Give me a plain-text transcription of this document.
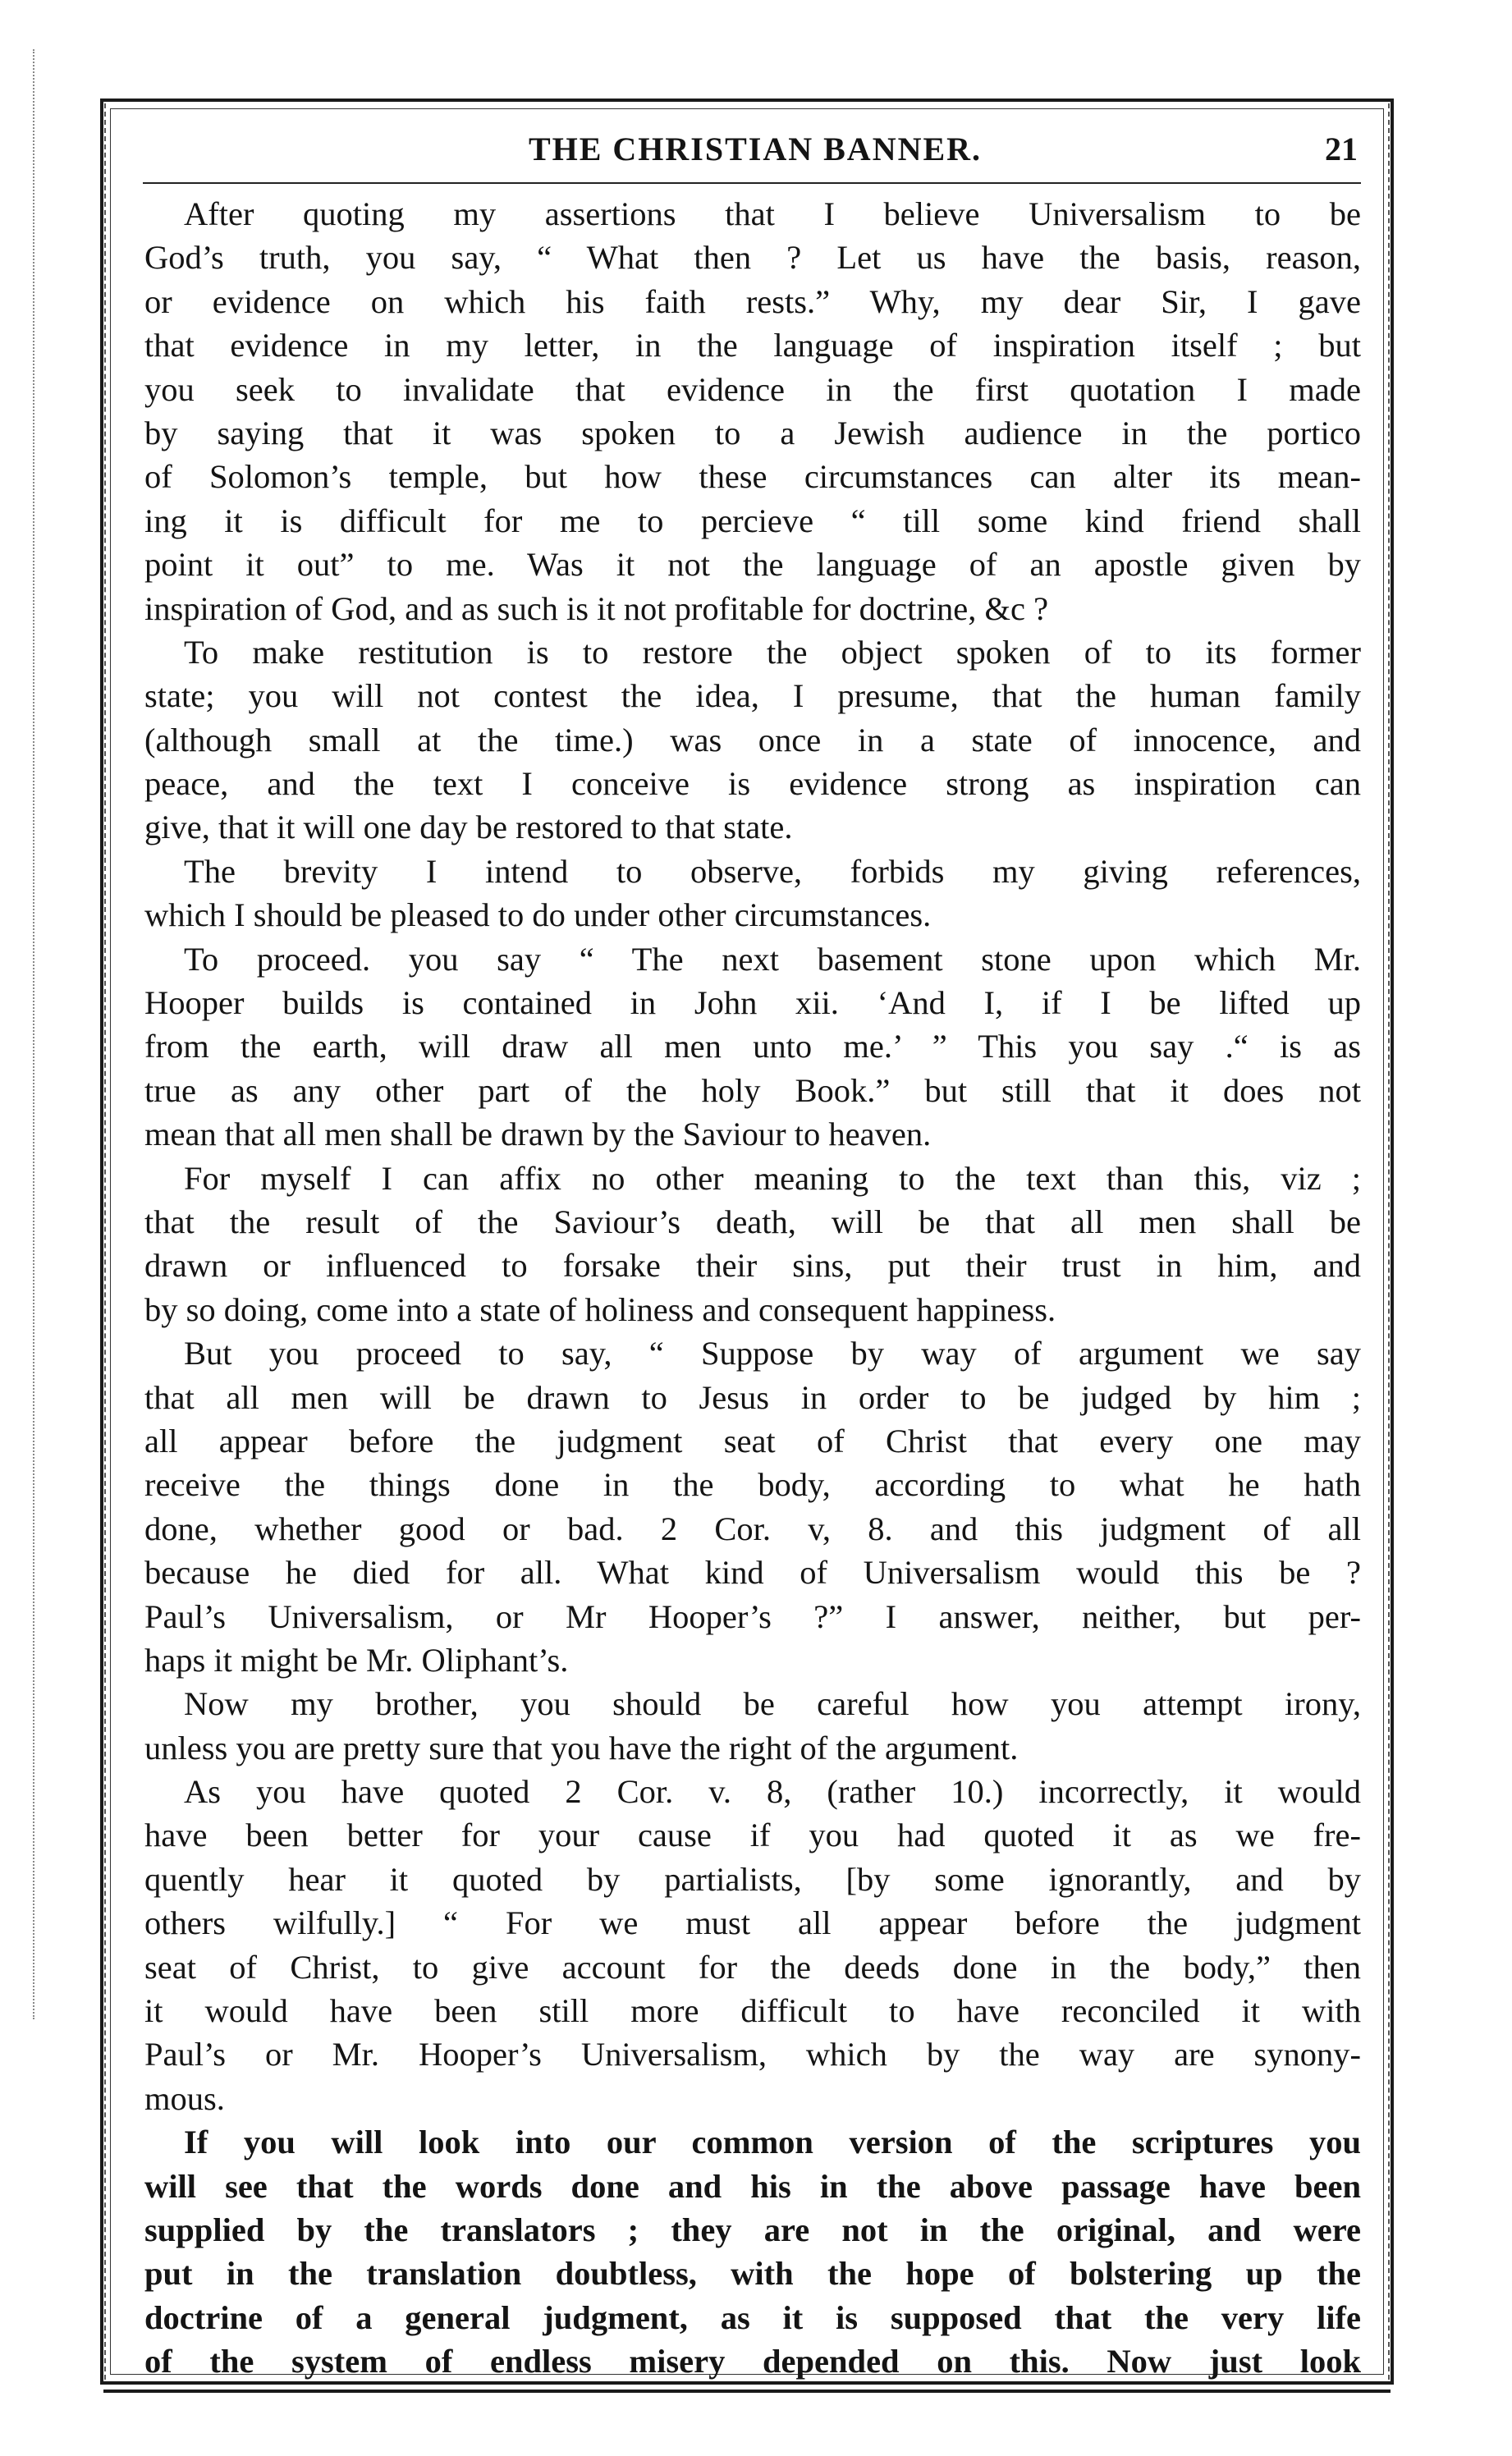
THE CHRISTIAN BANNER.	21
After quoting my assertions that I believe Universalism to be
God’s truth, you say, “ What then ? Let us have the basis, reason,
or evidence on which his faith rests.” Why, my dear Sir, I gave
that evidence in my letter, in the language of inspiration itself ; but
you seek to invalidate that evidence in the first quotation I made
by saying that it was spoken to a Jewish audience in the portico
of Solomon’s temple, but how these circumstances can alter its mean-
ing it is difficult for me to percieve “ till some kind friend shall
point it out” to me. Was it not the language of an apostle given by
inspiration of God, and as such is it not profitable for doctrine, &c ?
To make restitution is to restore the object spoken of to its former
state; you will not contest the idea, I presume, that the human family
(although small at the time.) was once in a state of innocence, and
peace, and the text I conceive is evidence strong as inspiration can
give, that it will one day be restored to that state.
The brevity I intend to observe, forbids my giving references,
which I should be pleased to do under other circumstances.
To proceed. you say “ The next basement stone upon which Mr.
Hooper builds is contained in John xii. ‘And I, if I be lifted up
from the earth, will draw all men unto me.’ ” This you say .“ is as
true as any other part of the holy Book.” but still that it does not
mean that all men shall be drawn by the Saviour to heaven.
For myself I can affix no other meaning to the text than this, viz ;
that the result of the Saviour’s death, will be that all men shall be
drawn or influenced to forsake their sins, put their trust in him, and
by so doing, come into a state of holiness and consequent happiness.
But you proceed to say, “ Suppose by way of argument we say
that all men will be drawn to Jesus in order to be judged by him ;
all appear before the judgment seat of Christ that every one may
receive the things done in the body, according to what he hath
done, whether good or bad. 2 Cor. v, 8. and this judgment of all
because he died for all. What kind of Universalism would this be ?
Paul’s Universalism, or Mr Hooper’s ?” I answer, neither, but per-
haps it might be Mr. Oliphant’s.
Now my brother, you should be careful how you attempt irony,
unless you are pretty sure that you have the right of the argument.
As you have quoted 2 Cor. v. 8, (rather 10.) incorrectly, it would
have been better for your cause if you had quoted it as we fre-
quently hear it quoted by partialists, [by some ignorantly, and by
others wilfully.] “ For we must all appear before the judgment
seat of Christ, to give account for the deeds done in the body,” then
it would have been still more difficult to have reconciled it with
Paul’s or Mr. Hooper’s Universalism, which by the way are synony-
mous.
If you will look into our common version of the scriptures you
will see that the words done and his in the above passage have been
supplied by the translators ; they are not in the original, and were
put in the translation doubtless, with the hope of bolstering up the
doctrine of a general judgment, as it is supposed that the very life
of the system of endless misery depended on this. Now just look
